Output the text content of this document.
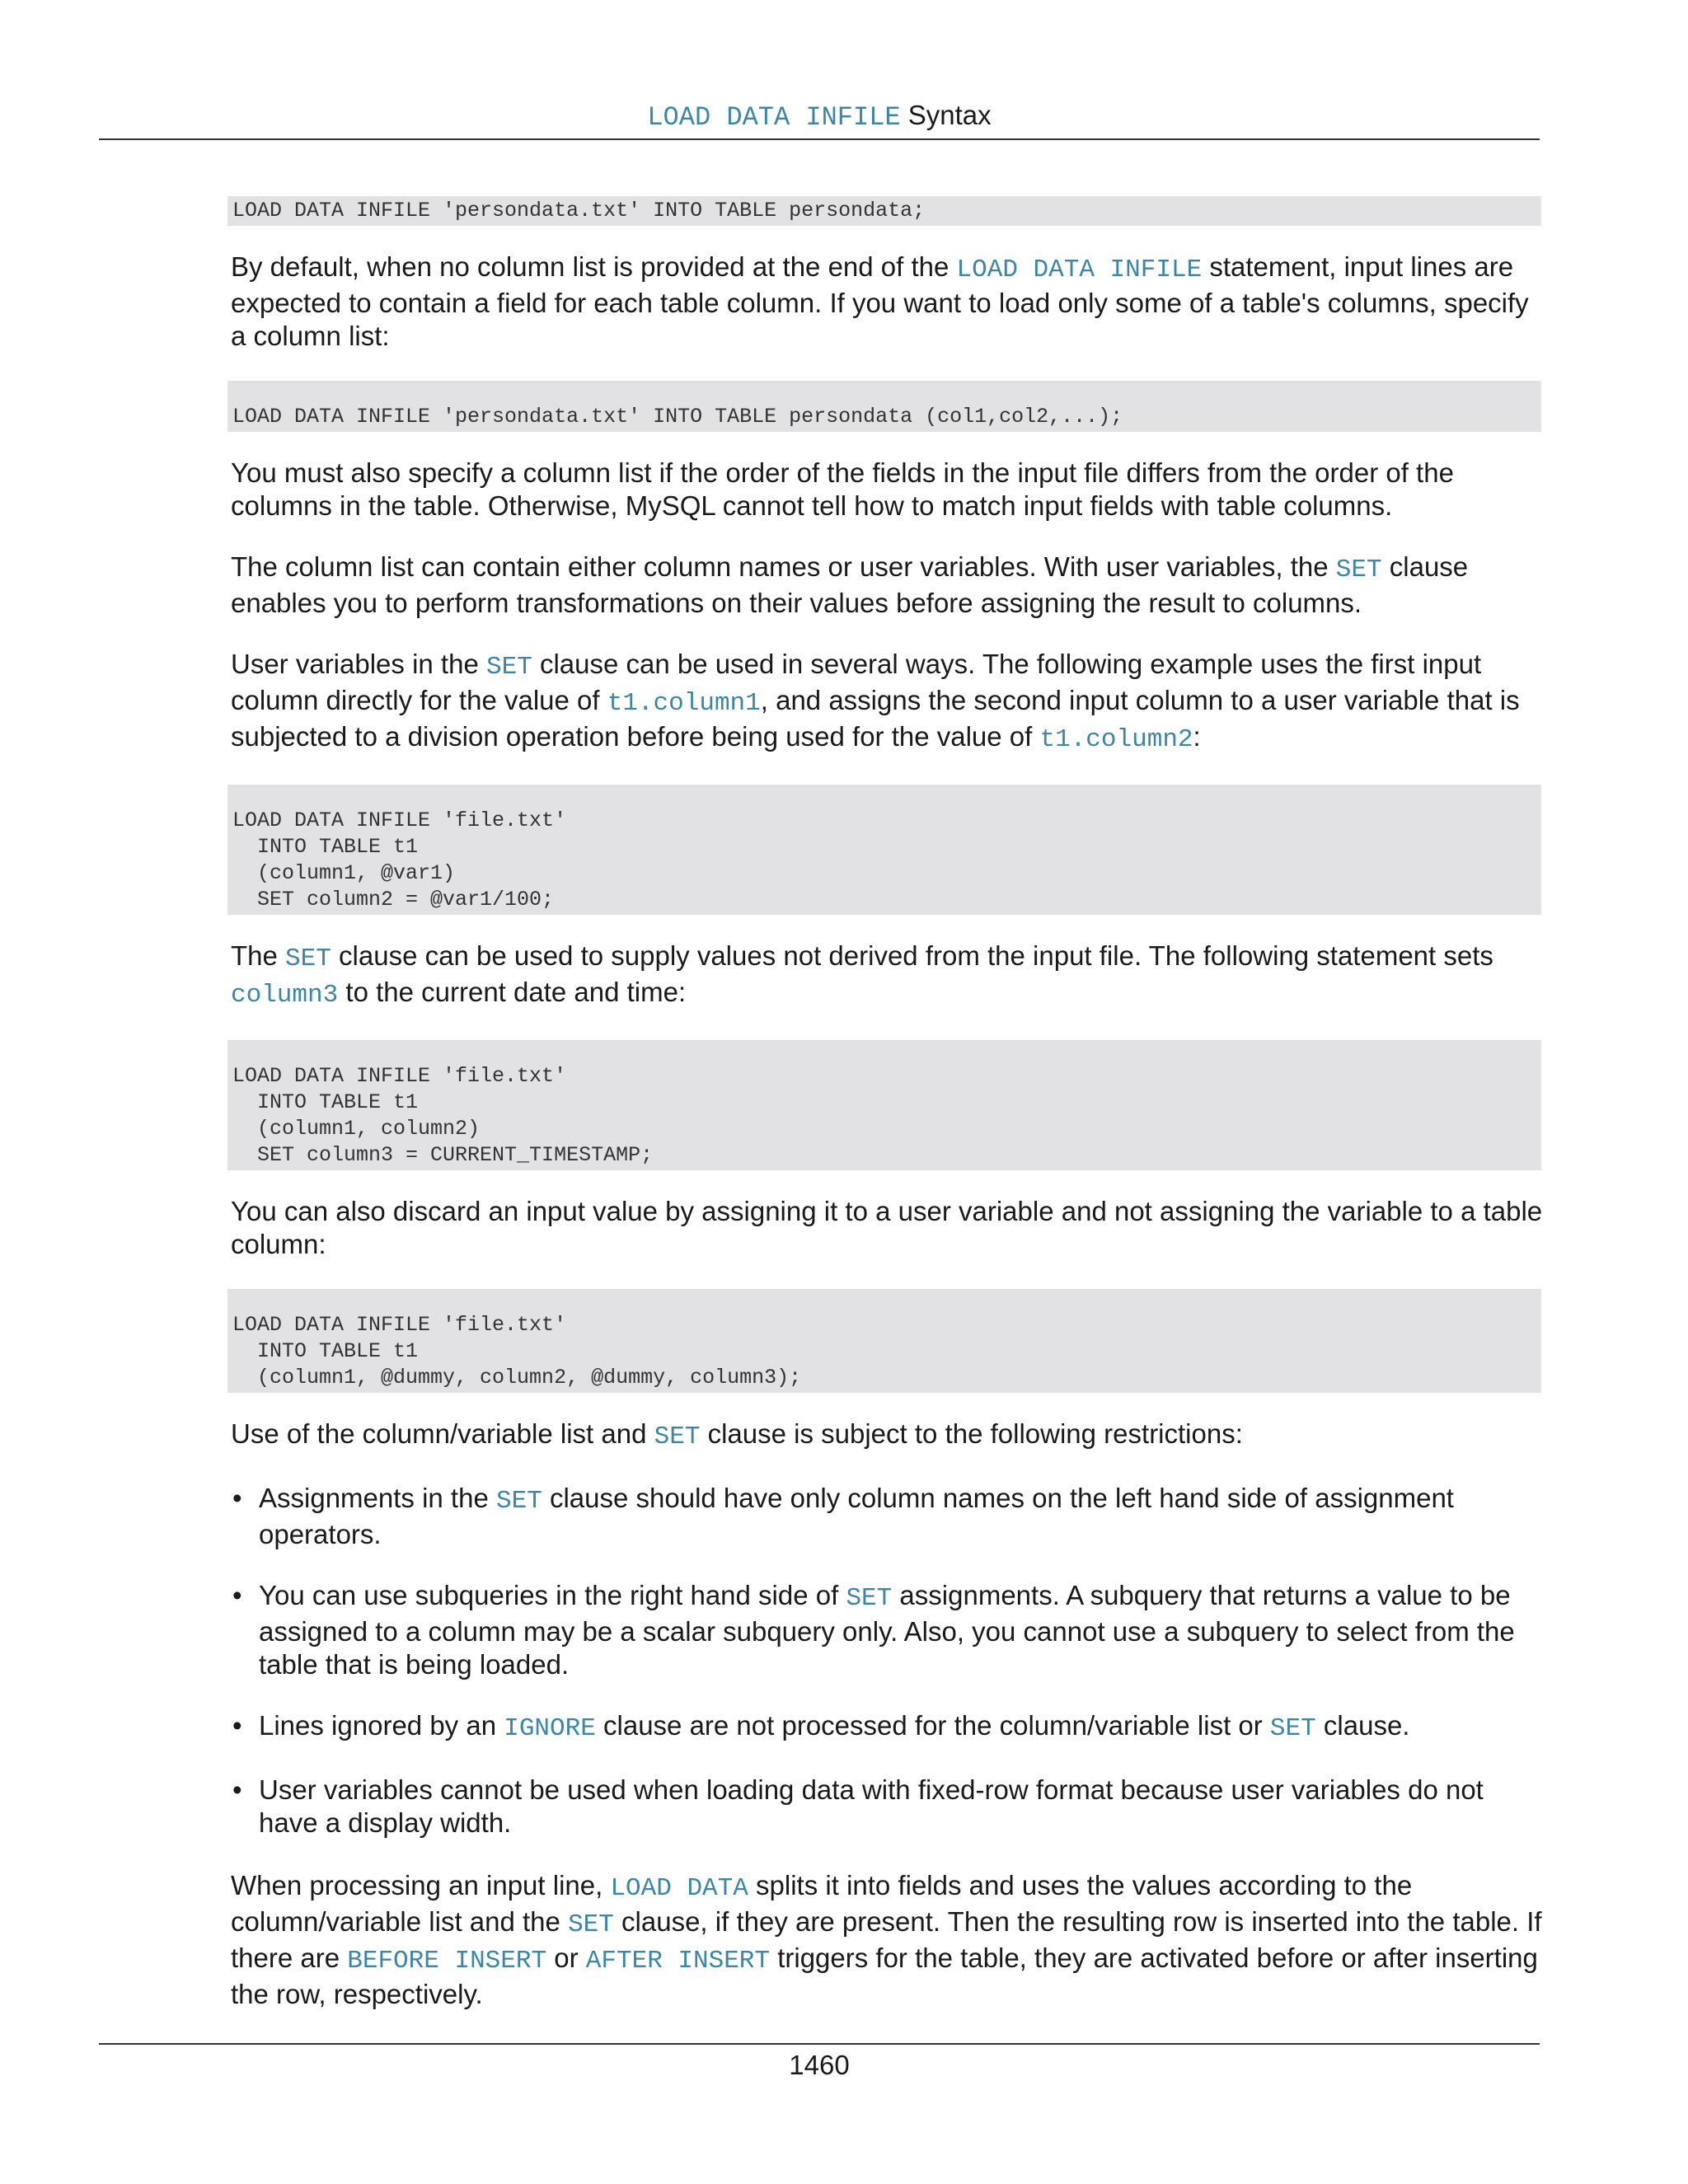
LOAD DATA INFILE Syntax
LOAD DATA INFILE 'persondata.txt' INTO TABLE persondata;

By default, when no column list is provided at the end of the LOAD DATA INFILE statement, input lines are expected to contain a field for each table column. If you want to load only some of a table's columns, specify a column list:

LOAD DATA INFILE 'persondata.txt' INTO TABLE persondata (col1,col2,...);

You must also specify a column list if the order of the fields in the input file differs from the order of the columns in the table. Otherwise, MySQL cannot tell how to match input fields with table columns.

The column list can contain either column names or user variables. With user variables, the SET clause enables you to perform transformations on their values before assigning the result to columns.

User variables in the SET clause can be used in several ways. The following example uses the first input column directly for the value of t1.column1, and assigns the second input column to a user variable that is subjected to a division operation before being used for the value of t1.column2:

LOAD DATA INFILE 'file.txt'
INTO TABLE t1
(column1, @var1)
SET column2 = @var1/100;

The SET clause can be used to supply values not derived from the input file. The following statement sets column3 to the current date and time:

LOAD DATA INFILE 'file.txt'
INTO TABLE t1
(column1, column2)
SET column3 = CURRENT_TIMESTAMP;

You can also discard an input value by assigning it to a user variable and not assigning the variable to a table column:

LOAD DATA INFILE 'file.txt'
INTO TABLE t1
(column1, @dummy, column2, @dummy, column3);

Use of the column/variable list and SET clause is subject to the following restrictions:

• Assignments in the SET clause should have only column names on the left hand side of assignment operators.
• You can use subqueries in the right hand side of SET assignments. A subquery that returns a value to be assigned to a column may be a scalar subquery only. Also, you cannot use a subquery to select from the table that is being loaded.
• Lines ignored by an IGNORE clause are not processed for the column/variable list or SET clause.
• User variables cannot be used when loading data with fixed-row format because user variables do not have a display width.

When processing an input line, LOAD DATA splits it into fields and uses the values according to the column/variable list and the SET clause, if they are present. Then the resulting row is inserted into the table. If there are BEFORE INSERT or AFTER INSERT triggers for the table, they are activated before or after inserting the row, respectively.

1460
